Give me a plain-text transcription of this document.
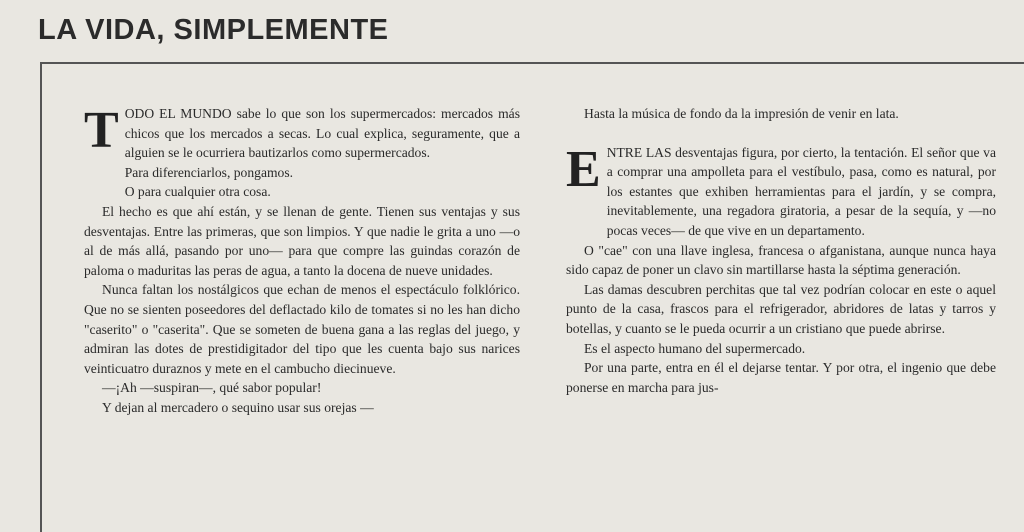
LA VIDA, SIMPLEMENTE

TODO EL MUNDO sabe lo que son los supermercados: mercados más chicos que los mercados a secas. Lo cual explica, seguramente, que a alguien se le ocurriera bautizarlos como supermercados.

Para diferenciarlos, pongamos.

O para cualquier otra cosa.

El hecho es que ahí están, y se llenan de gente. Tienen sus ventajas y sus desventajas. Entre las primeras, que son limpios. Y que nadie le grita a uno —o al de más allá, pasando por uno— para que compre las guindas corazón de paloma o maduritas las peras de agua, a tanto la docena de nueve unidades.

Nunca faltan los nostálgicos que echan de menos el espectáculo folklórico. Que no se sienten poseedores del deflactado kilo de tomates si no les han dicho "caserito" o "caserita". Que se someten de buena gana a las reglas del juego, y admiran las dotes de prestidigitador del tipo que les cuenta bajo sus narices veinticuatro duraznos y mete en el cambucho diecinueve.

—¡Ah —suspiran—, qué sabor popular!

Y dejan al mercadero o sequino usar sus orejas —

Hasta la música de fondo da la impresión de venir en lata.

ENTRE LAS desventajas figura, por cierto, la tentación. El señor que va a comprar una ampolleta para el vestíbulo, pasa, como es natural, por los estantes que exhiben herramientas para el jardín, y se compra, inevitablemente, una regadora giratoria, a pesar de la sequía, y —no pocas veces— de que vive en un departamento.

O "cae" con una llave inglesa, francesa o afganistana, aunque nunca haya sido capaz de poner un clavo sin martillarse hasta la séptima generación.

Las damas descubren perchitas que tal vez podrían colocar en este o aquel punto de la casa, frascos para el refrigerador, abridores de latas y tarros y botellas, y cuanto se le pueda ocurrir a un cristiano que puede abrirse.

Es el aspecto humano del supermercado.

Por una parte, entra en él el dejarse tentar. Y por otra, el ingenio que debe ponerse en marcha para jus-
